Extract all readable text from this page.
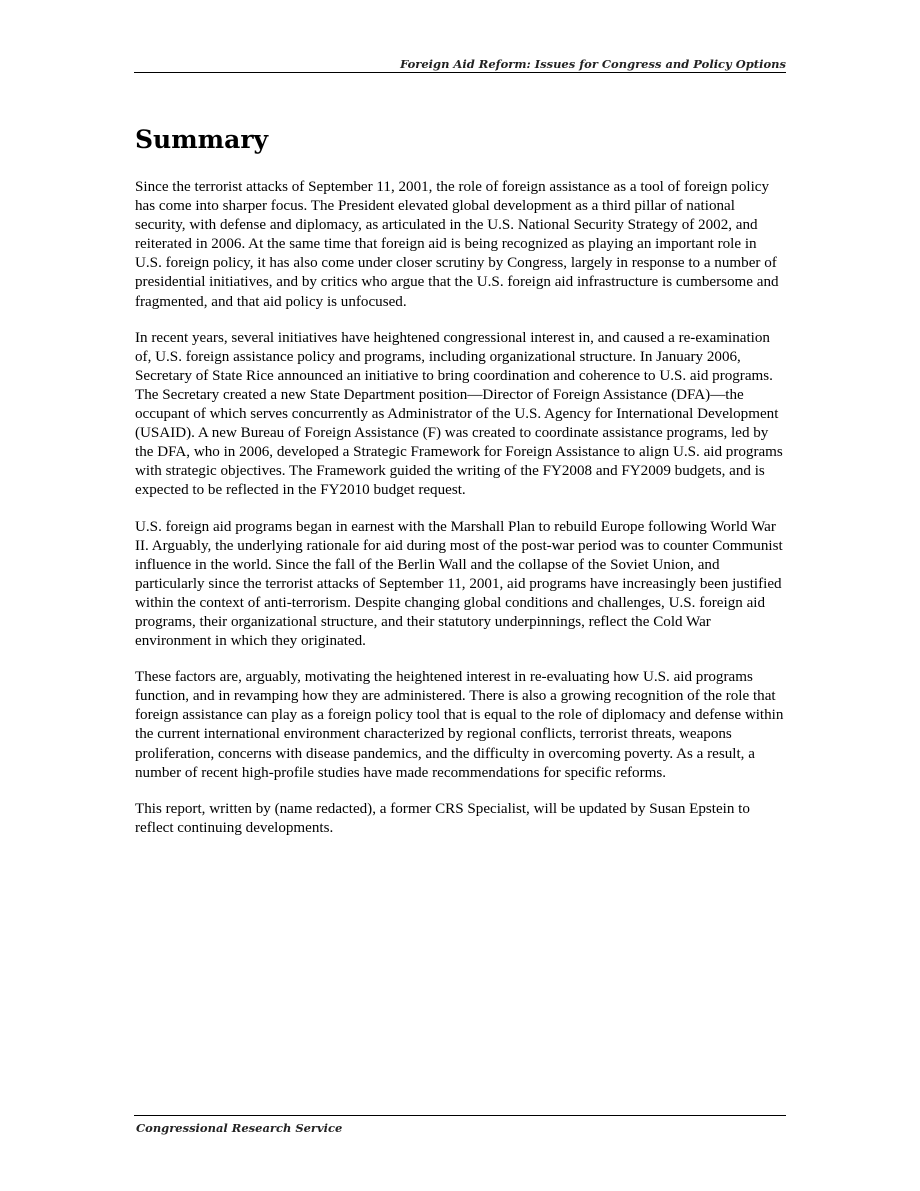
Foreign Aid Reform: Issues for Congress and Policy Options
Summary

Since the terrorist attacks of September 11, 2001, the role of foreign assistance as a tool of foreign policy has come into sharper focus. The President elevated global development as a third pillar of national security, with defense and diplomacy, as articulated in the U.S. National Security Strategy of 2002, and reiterated in 2006. At the same time that foreign aid is being recognized as playing an important role in U.S. foreign policy, it has also come under closer scrutiny by Congress, largely in response to a number of presidential initiatives, and by critics who argue that the U.S. foreign aid infrastructure is cumbersome and fragmented, and that aid policy is unfocused.

In recent years, several initiatives have heightened congressional interest in, and caused a re-examination of, U.S. foreign assistance policy and programs, including organizational structure. In January 2006, Secretary of State Rice announced an initiative to bring coordination and coherence to U.S. aid programs. The Secretary created a new State Department position—Director of Foreign Assistance (DFA)—the occupant of which serves concurrently as Administrator of the U.S. Agency for International Development (USAID). A new Bureau of Foreign Assistance (F) was created to coordinate assistance programs, led by the DFA, who in 2006, developed a Strategic Framework for Foreign Assistance to align U.S. aid programs with strategic objectives. The Framework guided the writing of the FY2008 and FY2009 budgets, and is expected to be reflected in the FY2010 budget request.

U.S. foreign aid programs began in earnest with the Marshall Plan to rebuild Europe following World War II. Arguably, the underlying rationale for aid during most of the post-war period was to counter Communist influence in the world. Since the fall of the Berlin Wall and the collapse of the Soviet Union, and particularly since the terrorist attacks of September 11, 2001, aid programs have increasingly been justified within the context of anti-terrorism. Despite changing global conditions and challenges, U.S. foreign aid programs, their organizational structure, and their statutory underpinnings, reflect the Cold War environment in which they originated.

These factors are, arguably, motivating the heightened interest in re-evaluating how U.S. aid programs function, and in revamping how they are administered. There is also a growing recognition of the role that foreign assistance can play as a foreign policy tool that is equal to the role of diplomacy and defense within the current international environment characterized by regional conflicts, terrorist threats, weapons proliferation, concerns with disease pandemics, and the difficulty in overcoming poverty. As a result, a number of recent high-profile studies have made recommendations for specific reforms.

This report, written by (name redacted), a former CRS Specialist, will be updated by Susan Epstein to reflect continuing developments.

Congressional Research Service
